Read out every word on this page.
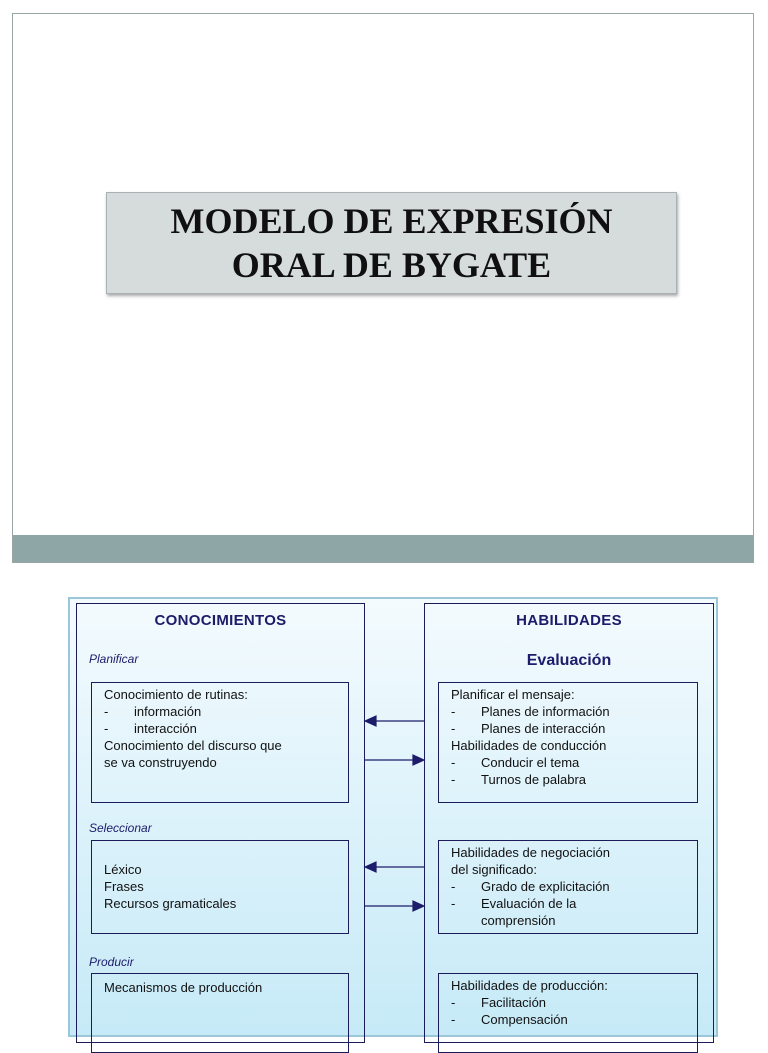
MODELO DE EXPRESIÓN
ORAL DE BYGATE
CONOCIMIENTOS
Planificar
Conocimiento de rutinas:
- información
- interacción
Conocimiento del discurso que
se va construyendo
Seleccionar
Léxico
Frases
Recursos gramaticales
Producir
Mecanismos de producción
HABILIDADES
Evaluación
Planificar el mensaje:
- Planes de información
- Planes de interacción
Habilidades de conducción
- Conducir el tema
- Turnos de palabra
Habilidades de negociación
del significado:
- Grado de explicitación
- Evaluación de la
comprensión
Habilidades de producción:
- Facilitación
- Compensación
